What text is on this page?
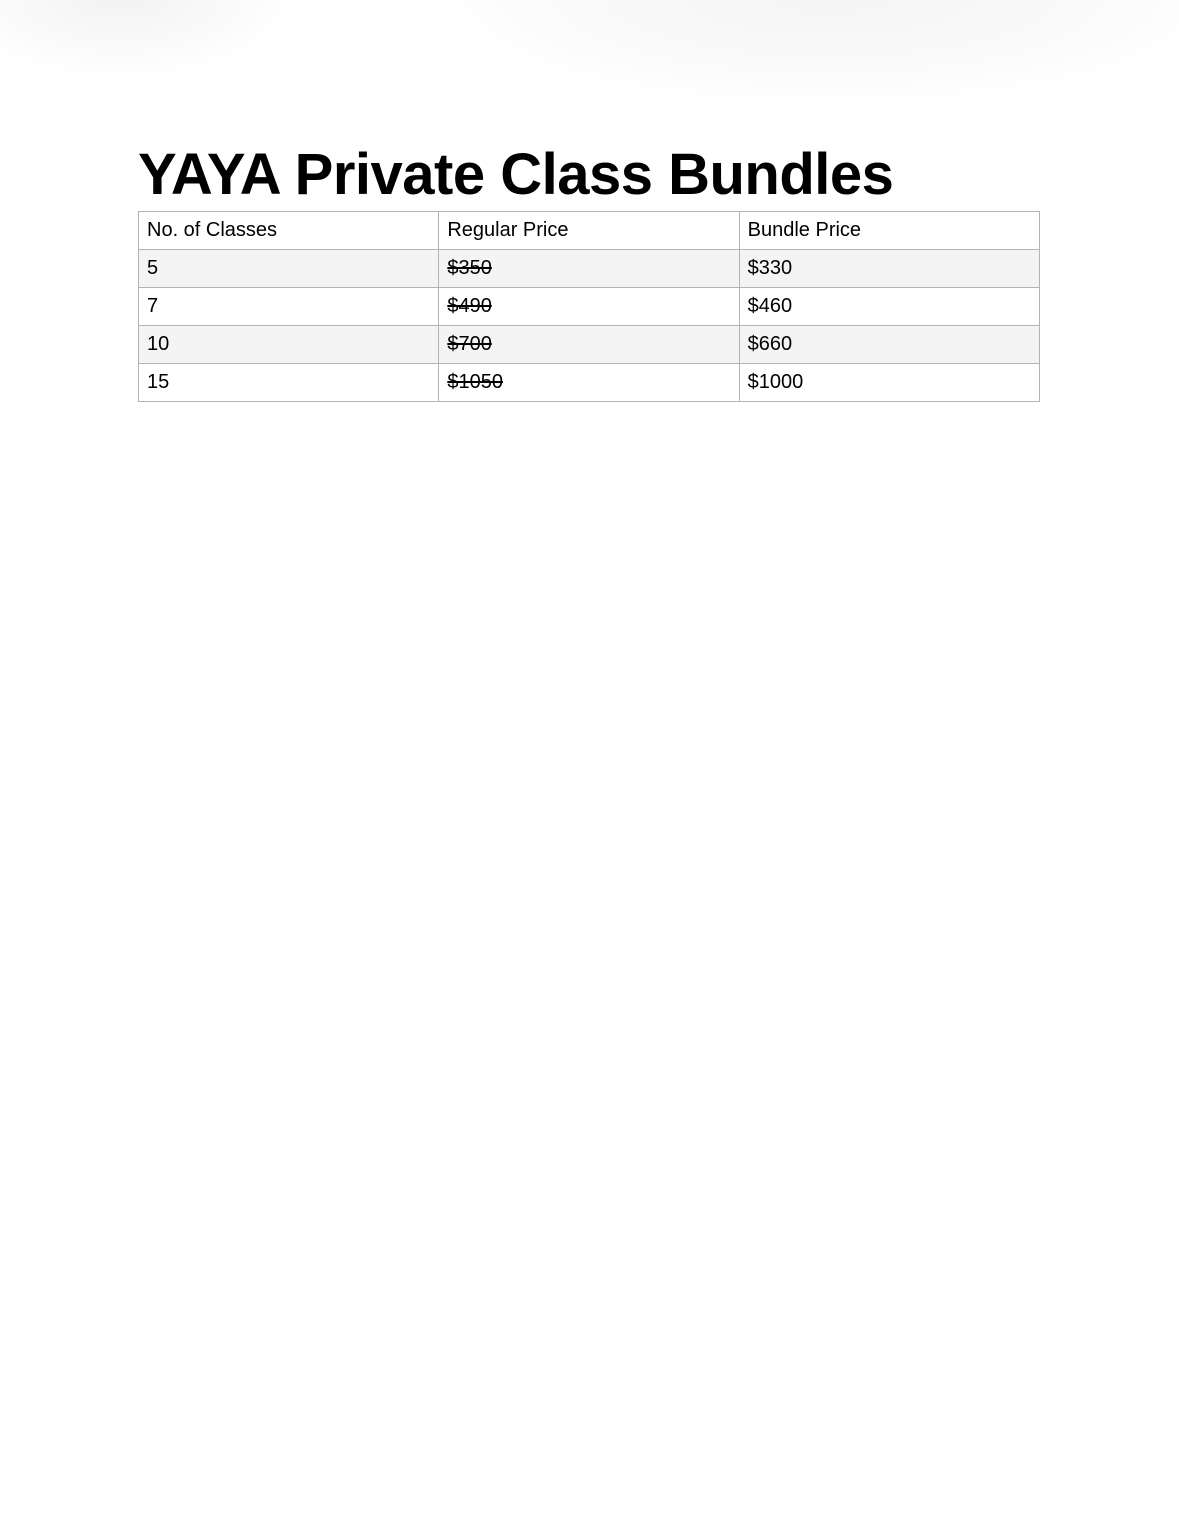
YAYA Private Class Bundles
No. of Classes	Regular Price	Bundle Price
5	$350	$330
7	$490	$460
10	$700	$660
15	$1050	$1000
